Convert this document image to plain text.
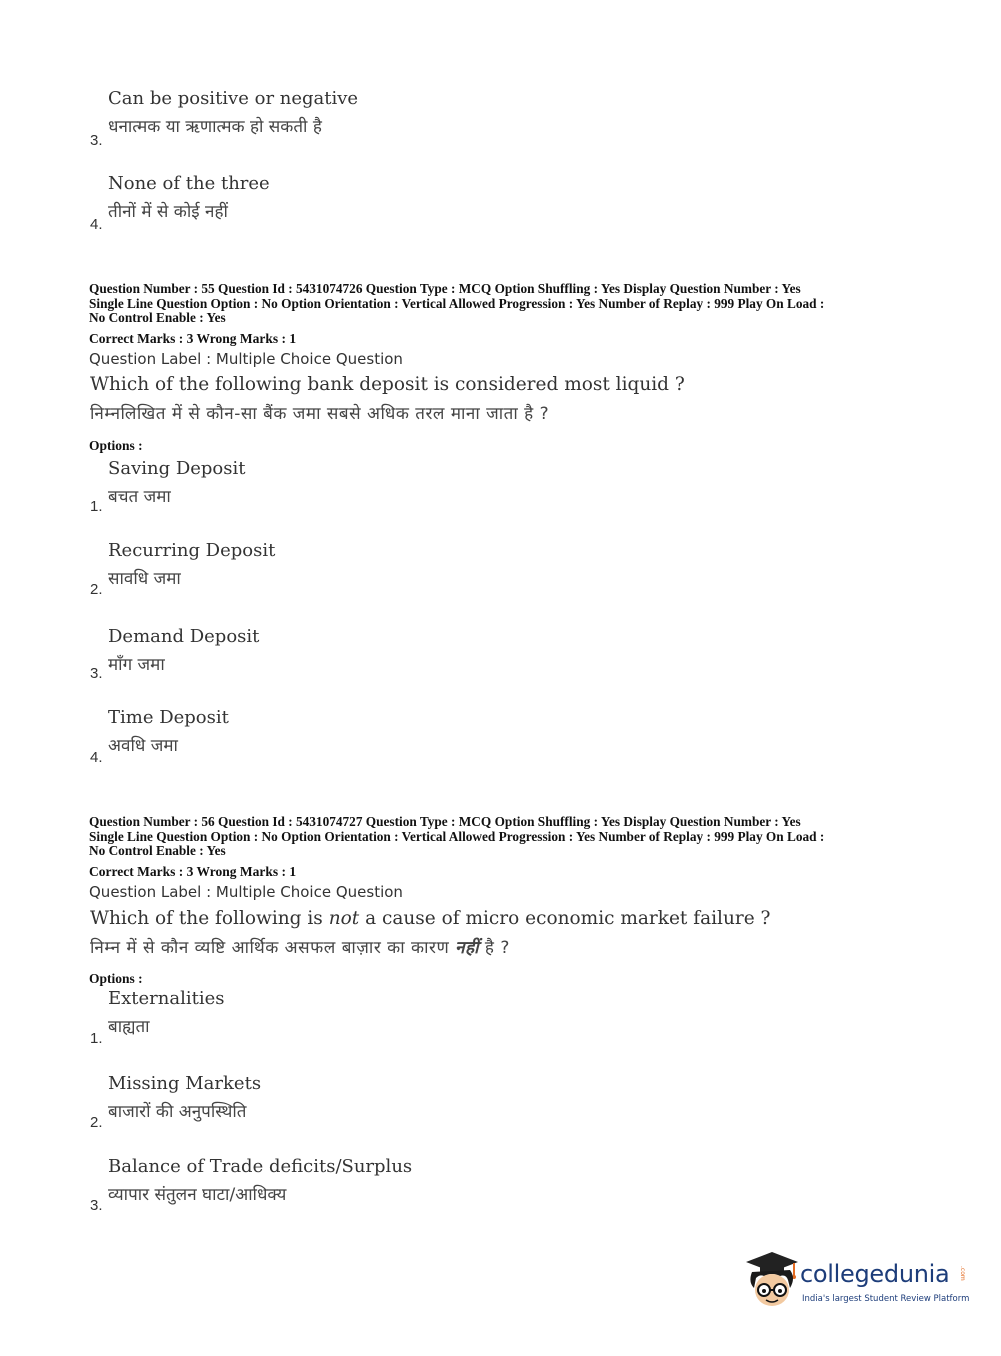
Can be positive or negative
धनात्मक या ऋणात्मक हो सकती है
3.
None of the three
तीनों में से कोई नहीं
4.
Question Number : 55 Question Id : 5431074726 Question Type : MCQ Option Shuffling : Yes Display Question Number : Yes
Single Line Question Option : No Option Orientation : Vertical Allowed Progression : Yes Number of Replay : 999 Play On Load :
No Control Enable : Yes
Correct Marks : 3 Wrong Marks : 1
Question Label : Multiple Choice Question
Which of the following bank deposit is considered most liquid ?
निम्नलिखित में से कौन-सा बैंक जमा सबसे अधिक तरल माना जाता है ?
Options :
Saving Deposit
बचत जमा
1.
Recurring Deposit
सावधि जमा
2.
Demand Deposit
माँग जमा
3.
Time Deposit
अवधि जमा
4.
Question Number : 56 Question Id : 5431074727 Question Type : MCQ Option Shuffling : Yes Display Question Number : Yes
Single Line Question Option : No Option Orientation : Vertical Allowed Progression : Yes Number of Replay : 999 Play On Load :
No Control Enable : Yes
Correct Marks : 3 Wrong Marks : 1
Question Label : Multiple Choice Question
Which of the following is not a cause of micro economic market failure ?
निम्न में से कौन व्यष्टि आर्थिक असफल बाज़ार का कारण नहीं है ?
Options :
Externalities
बाह्यता
1.
Missing Markets
बाजारों की अनुपस्थिति
2.
Balance of Trade deficits/Surplus
व्यापार संतुलन घाटा/आधिक्य
3.
collegedunia .com
India's largest Student Review Platform
